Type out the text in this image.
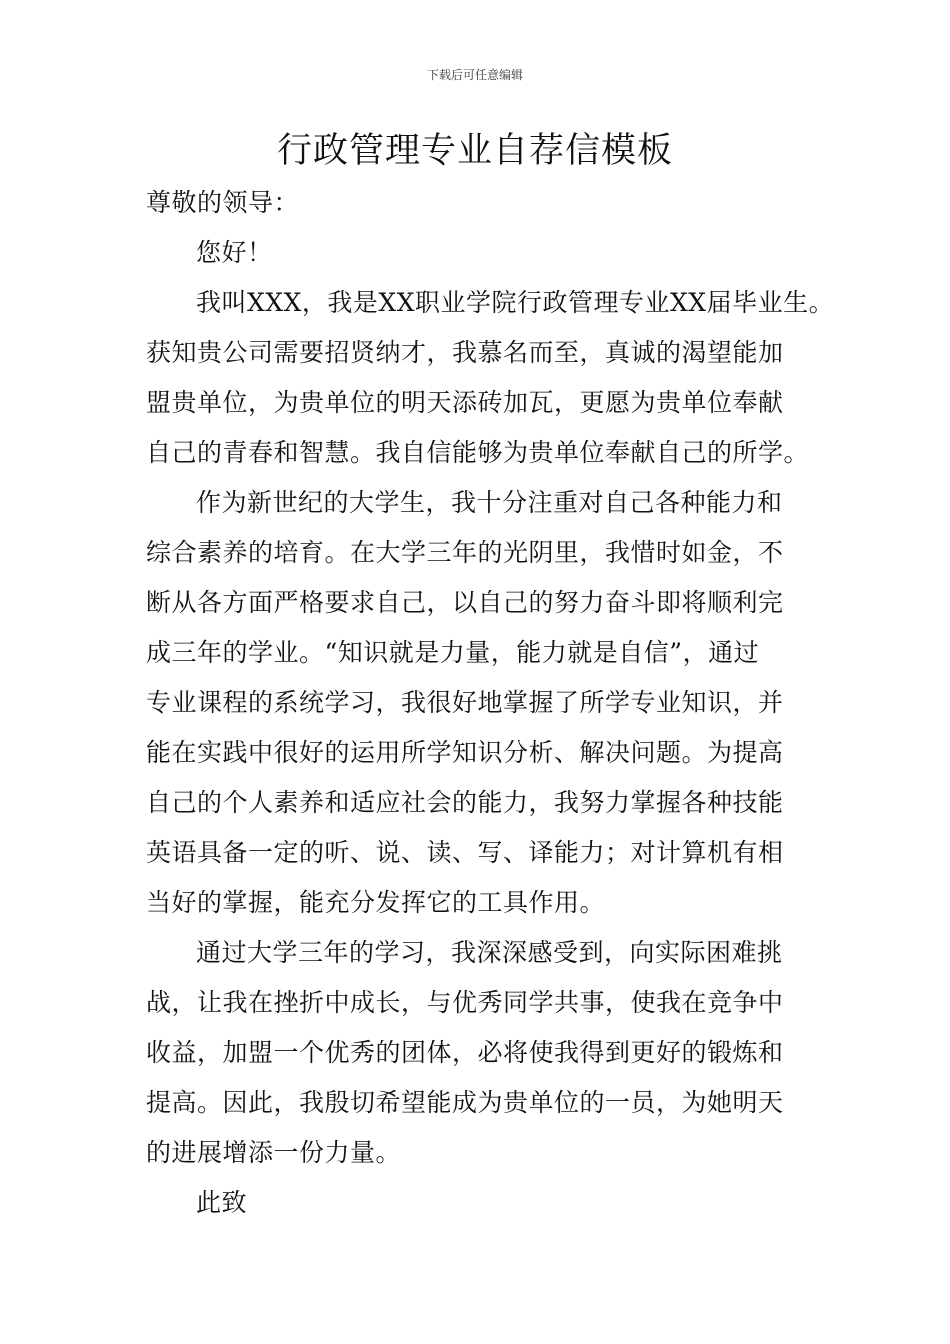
下载后可任意编辑
行政管理专业自荐信模板
尊敬的领导：
您好！
我叫XXX，我是XX职业学院行政管理专业XX届毕业生。
获知贵公司需要招贤纳才，我慕名而至，真诚的渴望能加
盟贵单位，为贵单位的明天添砖加瓦，更愿为贵单位奉献
自己的青春和智慧。我自信能够为贵单位奉献自己的所学。
作为新世纪的大学生，我十分注重对自己各种能力和
综合素养的培育。在大学三年的光阴里，我惜时如金，不
断从各方面严格要求自己，以自己的努力奋斗即将顺利完
成三年的学业。“知识就是力量，能力就是自信”，通过
专业课程的系统学习，我很好地掌握了所学专业知识，并
能在实践中很好的运用所学知识分析、解决问题。为提高
自己的个人素养和适应社会的能力，我努力掌握各种技能
英语具备一定的听、说、读、写、译能力；对计算机有相
当好的掌握，能充分发挥它的工具作用。
通过大学三年的学习，我深深感受到，向实际困难挑
战，让我在挫折中成长，与优秀同学共事，使我在竞争中
收益，加盟一个优秀的团体，必将使我得到更好的锻炼和
提高。因此，我殷切希望能成为贵单位的一员，为她明天
的进展增添一份力量。
此致
